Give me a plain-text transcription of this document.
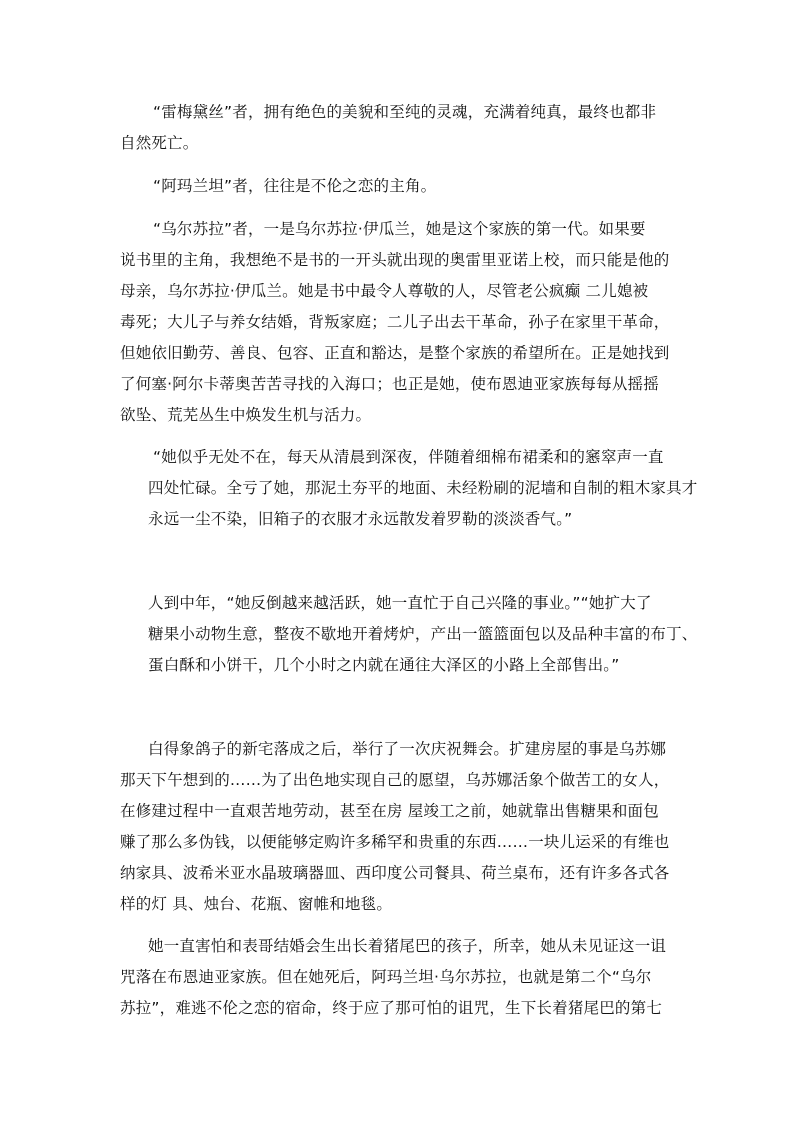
“雷梅黛丝”者，拥有绝色的美貌和至纯的灵魂，充满着纯真，最终也都非
自然死亡。
“阿玛兰坦”者，往往是不伦之恋的主角。
“乌尔苏拉”者，一是乌尔苏拉·伊瓜兰，她是这个家族的第一代。如果要
说书里的主角，我想绝不是书的一开头就出现的奥雷里亚诺上校，而只能是他的
母亲，乌尔苏拉·伊瓜兰。她是书中最令人尊敬的人，尽管老公疯癫 二儿媳被
毒死；大儿子与养女结婚，背叛家庭；二儿子出去干革命，孙子在家里干革命，
但她依旧勤劳、善良、包容、正直和豁达，是整个家族的希望所在。正是她找到
了何塞·阿尔卡蒂奥苦苦寻找的入海口；也正是她，使布恩迪亚家族每每从摇摇
欲坠、荒芜丛生中焕发生机与活力。
“她似乎无处不在，每天从清晨到深夜，伴随着细棉布裙柔和的窸窣声一直
四处忙碌。全亏了她，那泥土夯平的地面、未经粉刷的泥墙和自制的粗木家具才
永远一尘不染，旧箱子的衣服才永远散发着罗勒的淡淡香气。”
人到中年，“她反倒越来越活跃，她一直忙于自己兴隆的事业。”“她扩大了
糖果小动物生意，整夜不歇地开着烤炉，产出一篮篮面包以及品种丰富的布丁、
蛋白酥和小饼干，几个小时之内就在通往大泽区的小路上全部售出。”
白得象鸽子的新宅落成之后，举行了一次庆祝舞会。扩建房屋的事是乌苏娜
那天下午想到的……为了出色地实现自己的愿望，乌苏娜活象个做苦工的女人，
在修建过程中一直艰苦地劳动，甚至在房 屋竣工之前，她就靠出售糖果和面包
赚了那么多伪钱，以便能够定购许多稀罕和贵重的东西……一块儿运采的有维也
纳家具、波希米亚水晶玻璃器皿、西印度公司餐具、荷兰桌布，还有许多各式各
样的灯 具、烛台、花瓶、窗帷和地毯。
她一直害怕和表哥结婚会生出长着猪尾巴的孩子，所幸，她从未见证这一诅
咒落在布恩迪亚家族。但在她死后，阿玛兰坦·乌尔苏拉，也就是第二个“乌尔
苏拉”，难逃不伦之恋的宿命，终于应了那可怕的诅咒，生下长着猪尾巴的第七
